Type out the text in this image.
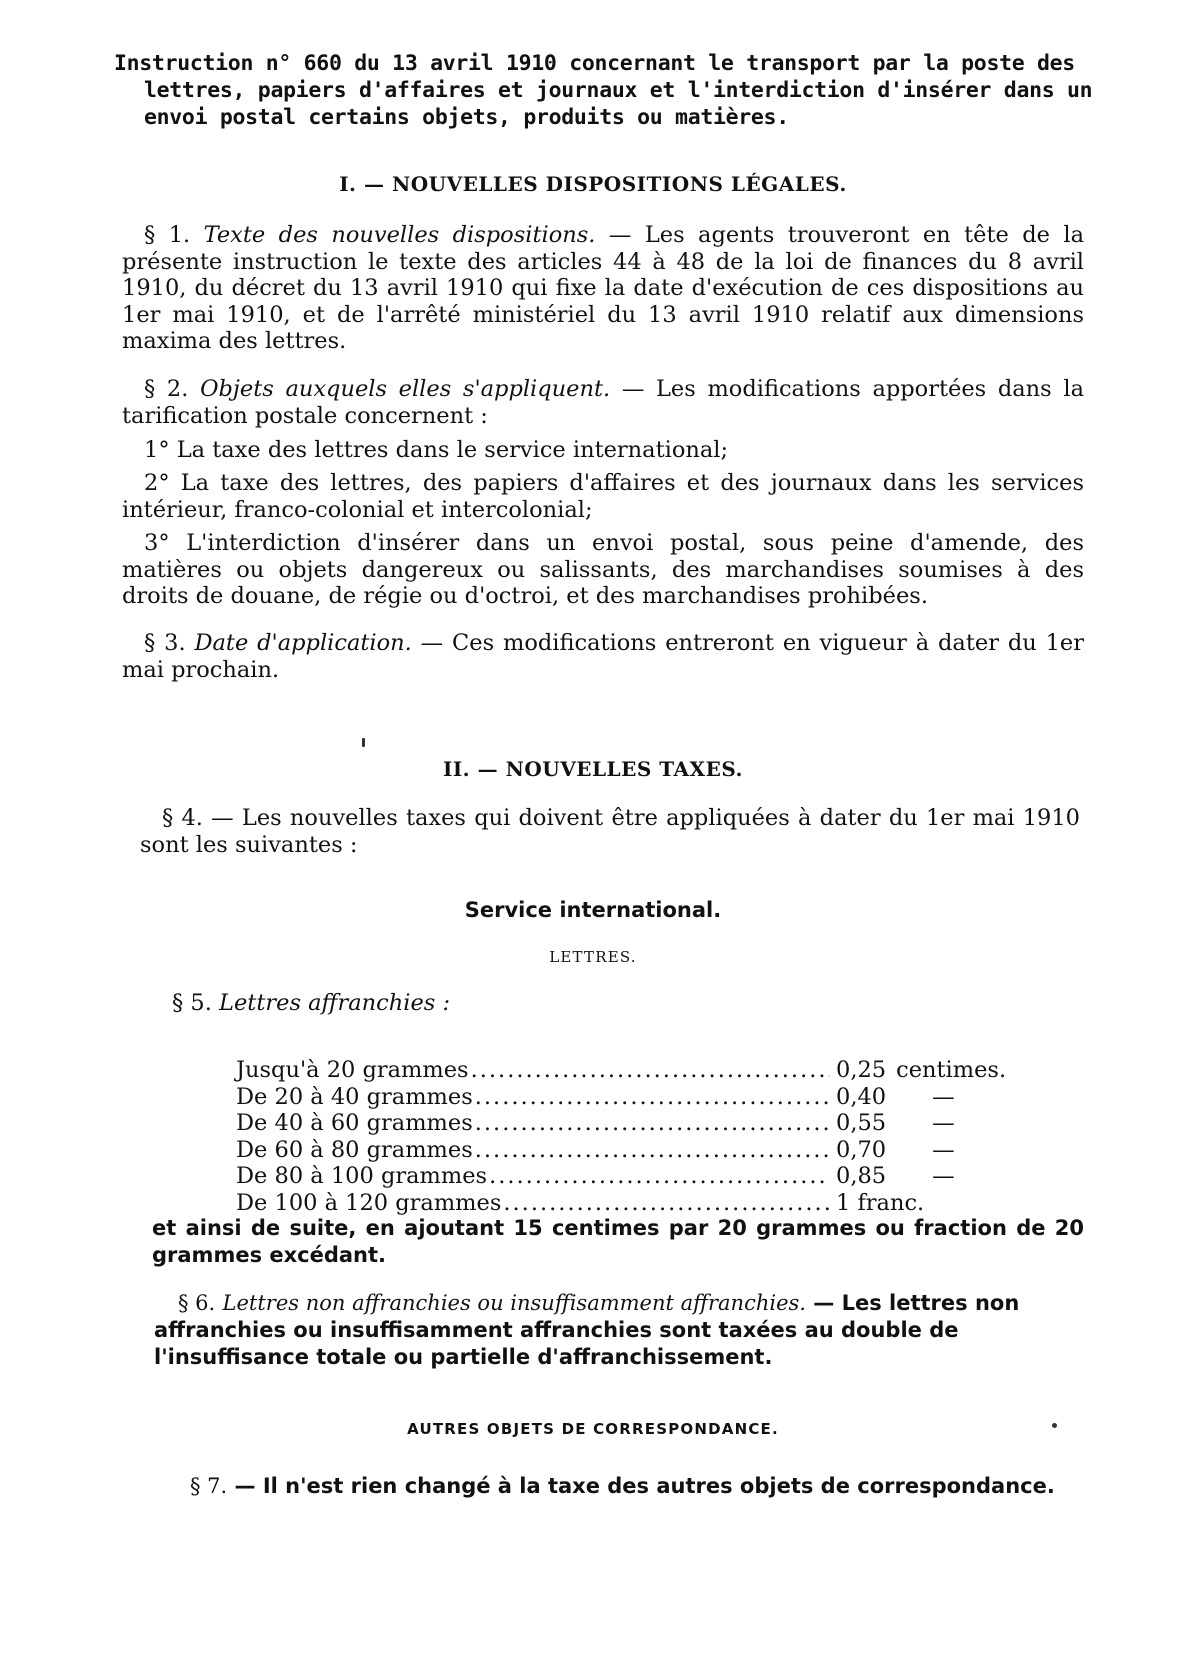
Instruction n° 660 du 13 avril 1910 concernant le transport par la poste des lettres, papiers d'affaires et journaux et l'interdiction d'insérer dans un envoi postal certains objets, produits ou matières.
I. — NOUVELLES DISPOSITIONS LÉGALES.
§ 1. Texte des nouvelles dispositions. — Les agents trouveront en tête de la présente instruction le texte des articles 44 à 48 de la loi de finances du 8 avril 1910, du décret du 13 avril 1910 qui fixe la date d'exécution de ces dispositions au 1er mai 1910, et de l'arrêté ministériel du 13 avril 1910 relatif aux dimensions maxima des lettres.
§ 2. Objets auxquels elles s'appliquent. — Les modifications apportées dans la tarification postale concernent :
1° La taxe des lettres dans le service international;
2° La taxe des lettres, des papiers d'affaires et des journaux dans les services intérieur, franco-colonial et intercolonial;
3° L'interdiction d'insérer dans un envoi postal, sous peine d'amende, des matières ou objets dangereux ou salissants, des marchandises soumises à des droits de douane, de régie ou d'octroi, et des marchandises prohibées.
§ 3. Date d'application. — Ces modifications entreront en vigueur à dater du 1er mai prochain.
II. — NOUVELLES TAXES.
§ 4. — Les nouvelles taxes qui doivent être appliquées à dater du 1er mai 1910 sont les suivantes :
Service international.
LETTRES.
§ 5. Lettres affranchies :
Jusqu'à 20 grammes .....	0,25 centimes.
De 20 à 40 grammes .....	0,40 —
De 40 à 60 grammes .....	0,55 —
De 60 à 80 grammes .....	0,70 —
De 80 à 100 grammes .....	0,85 —
De 100 à 120 grammes .....	1 franc.
et ainsi de suite, en ajoutant 15 centimes par 20 grammes ou fraction de 20 grammes excédant.
§ 6. Lettres non affranchies ou insuffisamment affranchies. — Les lettres non affranchies ou insuffisamment affranchies sont taxées au double de l'insuffisance totale ou partielle d'affranchissement.
AUTRES OBJETS DE CORRESPONDANCE.
§ 7. — Il n'est rien changé à la taxe des autres objets de correspondance.
